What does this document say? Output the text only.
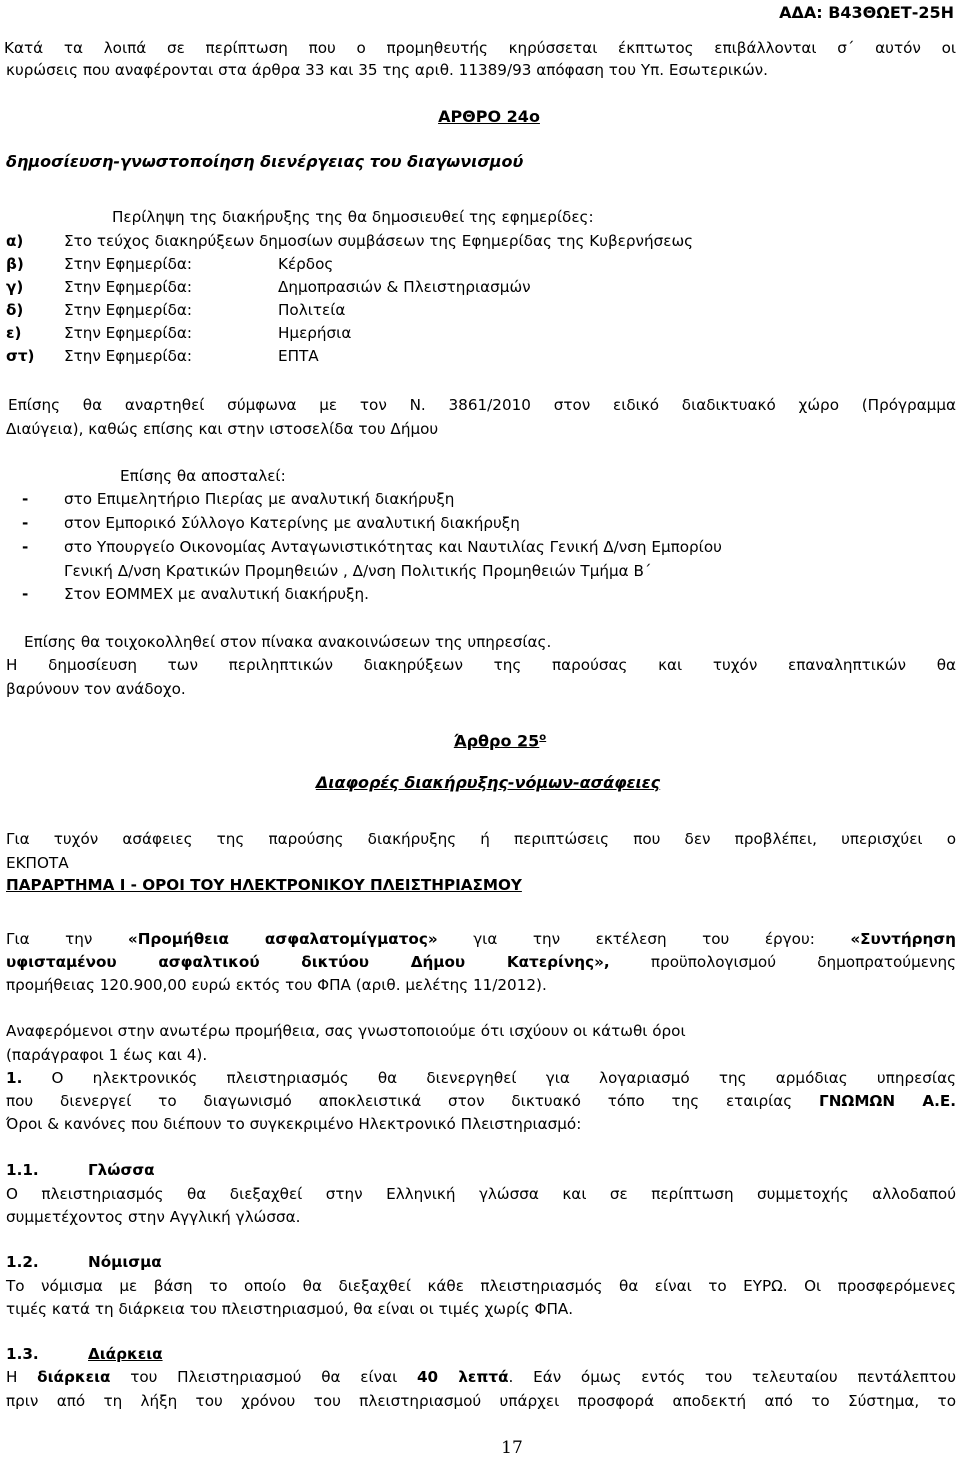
ΑΔΑ: Β43ΘΩΕΤ-25Η
Κατά τα λοιπά σε περίπτωση που ο προμηθευτής κηρύσσεται έκπτωτος επιβάλλονται σ΄ αυτόν οι
κυρώσεις που αναφέρονται στα άρθρα 33 και 35 της αριθ. 11389/93 απόφαση του Υπ. Εσωτερικών.
ΑΡΘΡΟ 24ο
δημοσίευση-γνωστοποίηση διενέργειας του διαγωνισμού
Περίληψη της διακήρυξης της θα δημοσιευθεί της εφημερίδες:
α)	Στο τεύχος διακηρύξεων δημοσίων συμβάσεων της Εφημερίδας της Κυβερνήσεως
β)	Στην Εφημερίδα:	Κέρδος
γ)	Στην Εφημερίδα:	Δημοπρασιών & Πλειστηριασμών
δ)	Στην Εφημερίδα:	Πολιτεία
ε)	Στην Εφημερίδα:	Ημερήσια
στ) Στην Εφημερίδα:	ΕΠΤΑ
Επίσης θα αναρτηθεί σύμφωνα με τον Ν. 3861/2010 στον ειδικό διαδικτυακό χώρο (Πρόγραμμα
Διαύγεια), καθώς επίσης και στην ιστοσελίδα του Δήμου
Επίσης θα αποσταλεί:
- στο Επιμελητήριο Πιερίας με αναλυτική διακήρυξη
- στον Εμπορικό Σύλλογο Κατερίνης με αναλυτική διακήρυξη
- στο Υπουργείο Οικονομίας Ανταγωνιστικότητας και Ναυτιλίας Γενική Δ/νση Εμπορίου
Γενική Δ/νση Κρατικών Προμηθειών , Δ/νση Πολιτικής Προμηθειών Τμήμα Β΄
- Στον ΕΟΜΜΕΧ με αναλυτική διακήρυξη.
Επίσης θα τοιχοκολληθεί στον πίνακα ανακοινώσεων της υπηρεσίας.
Η δημοσίευση των περιληπτικών διακηρύξεων της παρούσας και τυχόν επαναληπτικών θα
βαρύνουν τον ανάδοχο.
Άρθρο $25^o$
Διαφορές διακήρυξης-νόμων-ασάφειες
Για τυχόν ασάφειες της παρούσης διακήρυξης ή περιπτώσεις που δεν προβλέπει, υπερισχύει ο
ΕΚΠΟΤΑ
ΠΑΡΑΡΤΗΜΑ Ι - ΟΡΟΙ ΤΟΥ ΗΛΕΚΤΡΟΝΙΚΟΥ ΠΛΕΙΣΤΗΡΙΑΣΜΟΥ
Για την «Προμήθεια ασφαλατομίγματος» για την εκτέλεση του έργου: «Συντήρηση
υφισταμένου ασφαλτικού δικτύου Δήμου Κατερίνης»,	προϋπολογισμού δημοπρατούμενης
προμήθειας 120.900,00 ευρώ εκτός του ΦΠΑ (αριθ. μελέτης 11/2012).
Αναφερόμενοι στην ανωτέρω προμήθεια, σας γνωστοποιούμε ότι ισχύουν οι κάτωθι όροι
(παράγραφοι 1 έως και 4).
1. Ο ηλεκτρονικός πλειστηριασμός θα διενεργηθεί για λογαριασμό της αρμόδιας υπηρεσίας
που διενεργεί το διαγωνισμό αποκλειστικά στον δικτυακό τόπο της εταιρίας ΓΝΩΜΩΝ Α.Ε.
Όροι & κανόνες που διέπουν το συγκεκριμένο Ηλεκτρονικό Πλειστηριασμό:
1.1.	Γλώσσα
Ο πλειστηριασμός θα διεξαχθεί στην Ελληνική γλώσσα και σε περίπτωση συμμετοχής αλλοδαπού
συμμετέχοντος στην Αγγλική γλώσσα.
1.2.	Νόμισμα
Το νόμισμα με βάση το οποίο θα διεξαχθεί κάθε πλειστηριασμός θα είναι το ΕΥΡΩ. Οι προσφερόμενες
τιμές κατά τη διάρκεια του πλειστηριασμού, θα είναι οι τιμές χωρίς ΦΠΑ.
1.3.	Διάρκεια
Η διάρκεια του Πλειστηριασμού θα είναι 40 λεπτά. Εάν όμως εντός του τελευταίου πεντάλεπτου
πριν από τη λήξη του χρόνου του πλειστηριασμού υπάρχει προσφορά αποδεκτή από το Σύστημα, το
17
